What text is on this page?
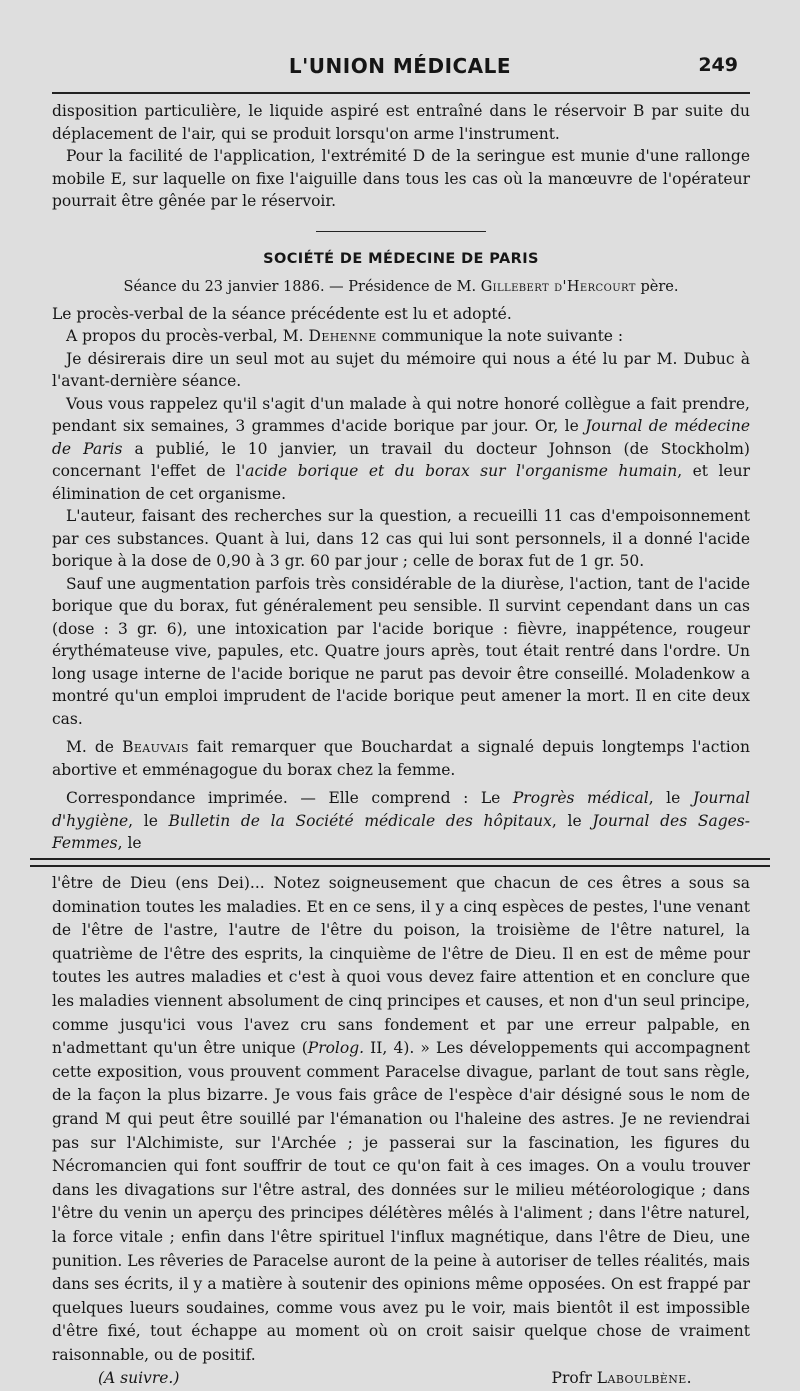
L'UNION MÉDICALE	249

disposition particulière, le liquide aspiré est entraîné dans le réservoir B par suite du déplacement de l'air, qui se produit lorsqu'on arme l'instrument.

Pour la facilité de l'application, l'extrémité D de la seringue est munie d'une rallonge mobile E, sur laquelle on fixe l'aiguille dans tous les cas où la manœuvre de l'opérateur pourrait être gênée par le réservoir.

SOCIÉTÉ DE MÉDECINE DE PARIS
Séance du 23 janvier 1886. — Présidence de M. Gillebert d'Hercourt père.

Le procès-verbal de la séance précédente est lu et adopté.

A propos du procès-verbal, M. Dehenne communique la note suivante :

Je désirerais dire un seul mot au sujet du mémoire qui nous a été lu par M. Dubuc à l'avant-dernière séance.

Vous vous rappelez qu'il s'agit d'un malade à qui notre honoré collègue a fait prendre, pendant six semaines, 3 grammes d'acide borique par jour. Or, le Journal de médecine de Paris a publié, le 10 janvier, un travail du docteur Johnson (de Stockholm) concernant l'effet de l'acide borique et du borax sur l'organisme humain, et leur élimination de cet organisme.

L'auteur, faisant des recherches sur la question, a recueilli 11 cas d'empoisonnement par ces substances. Quant à lui, dans 12 cas qui lui sont personnels, il a donné l'acide borique à la dose de 0,90 à 3 gr. 60 par jour ; celle de borax fut de 1 gr. 50.

Sauf une augmentation parfois très considérable de la diurèse, l'action, tant de l'acide borique que du borax, fut généralement peu sensible. Il survint cependant dans un cas (dose : 3 gr. 6), une intoxication par l'acide borique : fièvre, inappétence, rougeur érythémateuse vive, papules, etc. Quatre jours après, tout était rentré dans l'ordre. Un long usage interne de l'acide borique ne parut pas devoir être conseillé. Moladenkow a montré qu'un emploi imprudent de l'acide borique peut amener la mort. Il en cite deux cas.

M. de Beauvais fait remarquer que Bouchardat a signalé depuis longtemps l'action abortive et emménagogue du borax chez la femme.

Correspondance imprimée. — Elle comprend : Le Progrès médical, le Journal d'hygiène, le Bulletin de la Société médicale des hôpitaux, le Journal des Sages-Femmes, le

l'être de Dieu (ens Dei)... Notez soigneusement que chacun de ces êtres a sous sa domination toutes les maladies. Et en ce sens, il y a cinq espèces de pestes, l'une venant de l'être de l'astre, l'autre de l'être du poison, la troisième de l'être naturel, la quatrième de l'être des esprits, la cinquième de l'être de Dieu. Il en est de même pour toutes les autres maladies et c'est à quoi vous devez faire attention et en conclure que les maladies viennent absolument de cinq principes et causes, et non d'un seul principe, comme jusqu'ici vous l'avez cru sans fondement et par une erreur palpable, en n'admettant qu'un être unique (Prolog. II, 4). » Les développements qui accompagnent cette exposition, vous prouvent comment Paracelse divague, parlant de tout sans règle, de la façon la plus bizarre. Je vous fais grâce de l'espèce d'air désigné sous le nom de grand M qui peut être souillé par l'émanation ou l'haleine des astres. Je ne reviendrai pas sur l'Alchimiste, sur l'Archée ; je passerai sur la fascination, les figures du Nécromancien qui font souffrir de tout ce qu'on fait à ces images. On a voulu trouver dans les divagations sur l'être astral, des données sur le milieu météorologique ; dans l'être du venin un aperçu des principes délétères mêlés à l'aliment ; dans l'être naturel, la force vitale ; enfin dans l'être spirituel l'influx magnétique, dans l'être de Dieu, une punition. Les rêveries de Paracelse auront de la peine à autoriser de telles réalités, mais dans ses écrits, il y a matière à soutenir des opinions même opposées. On est frappé par quelques lueurs soudaines, comme vous avez pu le voir, mais bientôt il est impossible d'être fixé, tout échappe au moment où on croit saisir quelque chose de vraiment raisonnable, ou de positif.

(A suivre.)	Profr Laboulbène.
